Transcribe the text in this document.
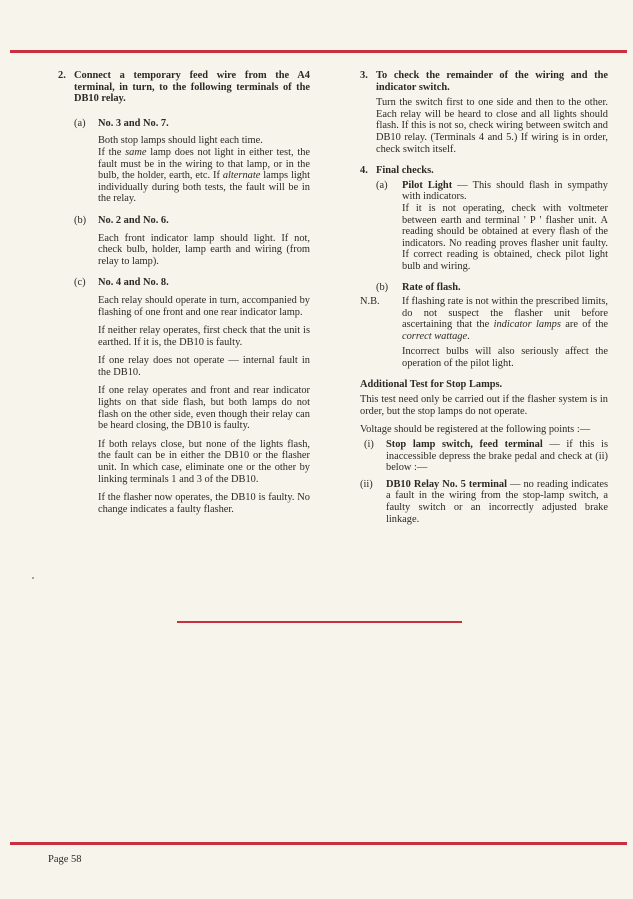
2. Connect a temporary feed wire from the A4 terminal, in turn, to the following terminals of the DB10 relay.

(a) No. 3 and No. 7.

Both stop lamps should light each time.

If the same lamp does not light in either test, the fault must be in the wiring to that lamp, or in the bulb, the holder, earth, etc. If alternate lamps light individually during both tests, the fault will be in the relay.

(b) No. 2 and No. 6.

Each front indicator lamp should light. If not, check bulb, holder, lamp earth and wiring (from relay to lamp).

(c) No. 4 and No. 8.

Each relay should operate in turn, accompanied by flashing of one front and one rear indicator lamp.

If neither relay operates, first check that the unit is earthed. If it is, the DB10 is faulty.

If one relay does not operate — internal fault in the DB10.

If one relay operates and front and rear indicator lights on that side flash, but both lamps do not flash on the other side, even though their relay can be heard closing, the DB10 is faulty.

If both relays close, but none of the lights flash, the fault can be in either the DB10 or the flasher unit. In which case, eliminate one or the other by linking terminals 1 and 3 of the DB10.

If the flasher now operates, the DB10 is faulty. No change indicates a faulty flasher.

3. To check the remainder of the wiring and the indicator switch.

Turn the switch first to one side and then to the other. Each relay will be heard to close and all lights should flash. If this is not so, check wiring between switch and DB10 relay. (Terminals 4 and 5.) If wiring is in order, check switch itself.

4. Final checks.

(a) Pilot Light — This should flash in sympathy with indicators.

If it is not operating, check with voltmeter between earth and terminal ' P ' flasher unit. A reading should be obtained at every flash of the indicators. No reading proves flasher unit faulty. If correct reading is obtained, check pilot light bulb and wiring.

(b) Rate of flash.

N.B. If flashing rate is not within the prescribed limits, do not suspect the flasher unit before ascertaining that the indicator lamps are of the correct wattage.

Incorrect bulbs will also seriously affect the operation of the pilot light.

Additional Test for Stop Lamps.

This test need only be carried out if the flasher system is in order, but the stop lamps do not operate.

Voltage should be registered at the following points :—

(i) Stop lamp switch, feed terminal — if this is inaccessible depress the brake pedal and check at (ii) below :—

(ii) DB10 Relay No. 5 terminal — no reading indicates a fault in the wiring from the stop-lamp switch, a faulty switch or an incorrectly adjusted brake linkage.

Page 58
